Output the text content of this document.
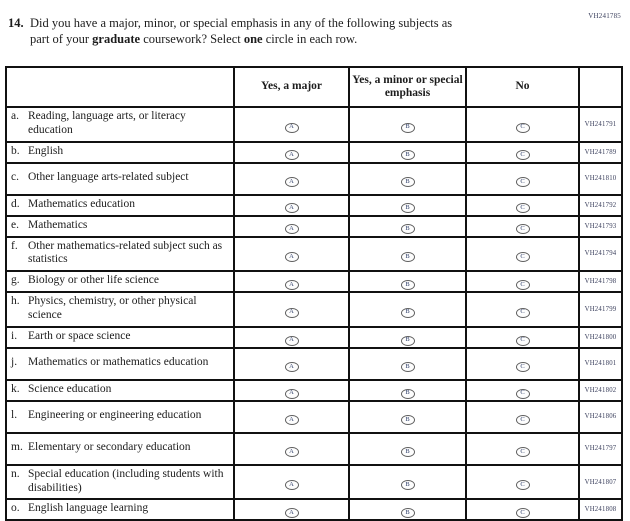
VH241785
14. Did you have a major, minor, or special emphasis in any of the following subjects as
part of your graduate coursework? Select one circle in each row.
	Yes, a major	Yes, a minor or special emphasis	No	

a. Reading, language arts, or literacy education	A	B	C	VH241791

b. English	A	B	C	VH241789

c. Other language arts-related subject	A	B	C	VH241810

d. Mathematics education	A	B	C	VH241792

e. Mathematics	A	B	C	VH241793

f. Other mathematics-related subject such as statistics	A	B	C	VH241794

g. Biology or other life science	A	B	C	VH241798

h. Physics, chemistry, or other physical science	A	B	C	VH241799

i. Earth or space science	A	B	C	VH241800

j. Mathematics or mathematics education	A	B	C	VH241801

k. Science education	A	B	C	VH241802

l. Engineering or engineering education	A	B	C	VH241806

m. Elementary or secondary education	A	B	C	VH241797

n. Special education (including students with disabilities)	A	B	C	VH241807

o. English language learning	A	B	C	VH241808
